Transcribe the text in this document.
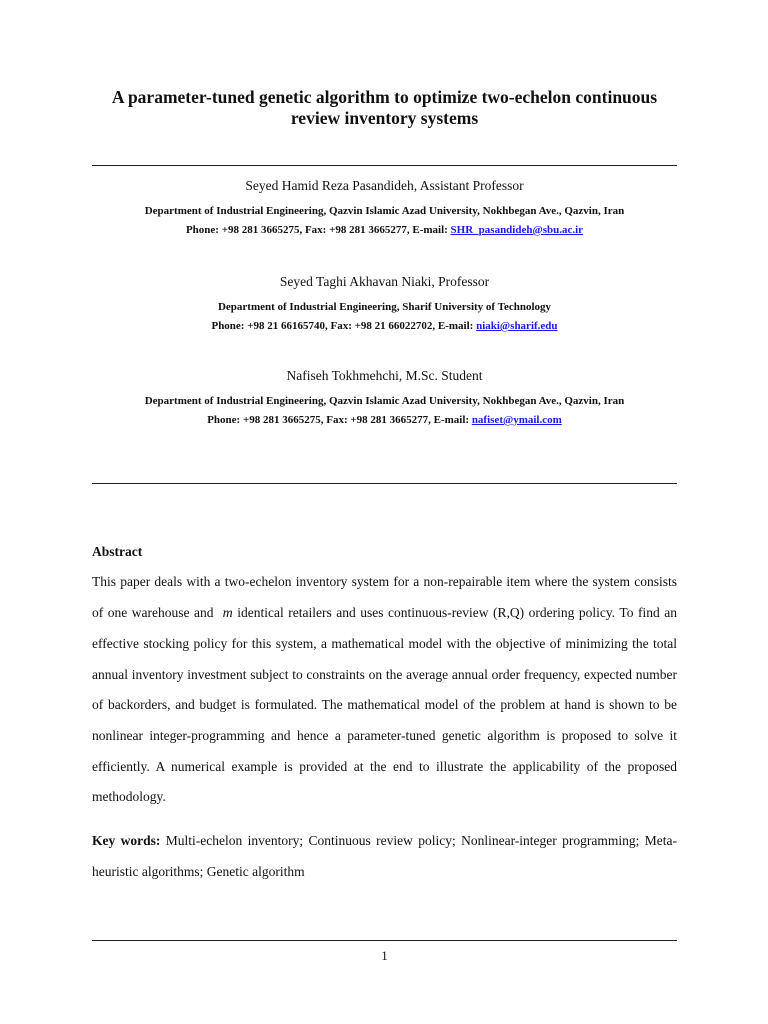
A parameter-tuned genetic algorithm to optimize two-echelon continuous review inventory systems
Seyed Hamid Reza Pasandideh, Assistant Professor
Department of Industrial Engineering, Qazvin Islamic Azad University, Nokhbegan Ave., Qazvin, Iran
Phone: +98 281 3665275, Fax: +98 281 3665277, E-mail: SHR_pasandideh@sbu.ac.ir
Seyed Taghi Akhavan Niaki, Professor
Department of Industrial Engineering, Sharif University of Technology
Phone: +98 21 66165740, Fax: +98 21 66022702, E-mail: niaki@sharif.edu
Nafiseh Tokhmehchi, M.Sc. Student
Department of Industrial Engineering, Qazvin Islamic Azad University, Nokhbegan Ave., Qazvin, Iran
Phone: +98 281 3665275, Fax: +98 281 3665277, E-mail: nafiset@ymail.com
Abstract

This paper deals with a two-echelon inventory system for a non-repairable item where the system consists of one warehouse and m identical retailers and uses continuous-review (R,Q) ordering policy. To find an effective stocking policy for this system, a mathematical model with the objective of minimizing the total annual inventory investment subject to constraints on the average annual order frequency, expected number of backorders, and budget is formulated. The mathematical model of the problem at hand is shown to be nonlinear integer-programming and hence a parameter-tuned genetic algorithm is proposed to solve it efficiently. A numerical example is provided at the end to illustrate the applicability of the proposed methodology.

Key words: Multi-echelon inventory; Continuous review policy; Nonlinear-integer programming; Meta-heuristic algorithms; Genetic algorithm

1
